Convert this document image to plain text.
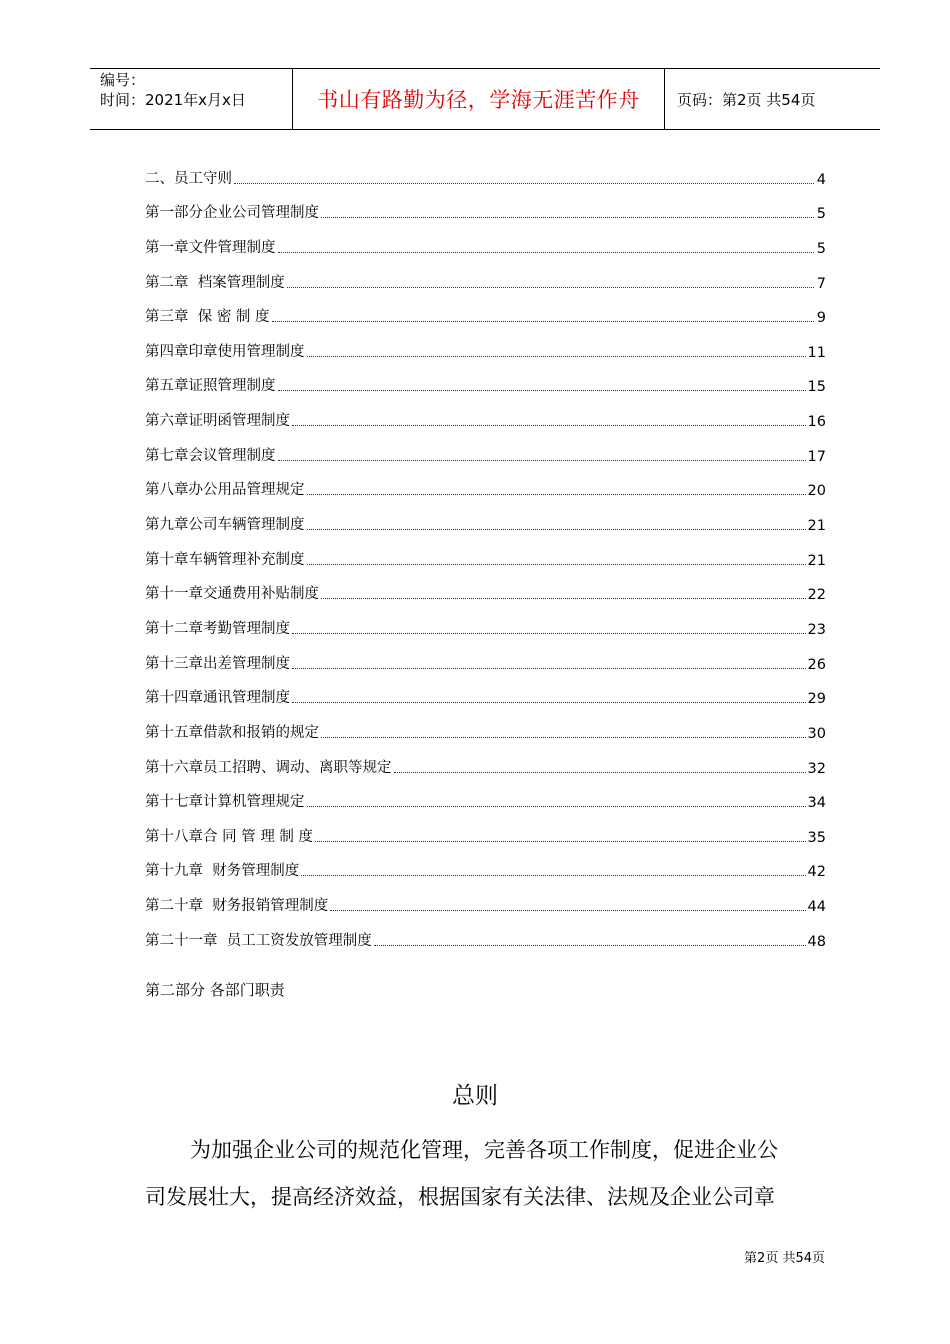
编号：
时间：2021年x月x日	书山有路勤为径，学海无涯苦作舟	页码：第2页 共54页
二、员工守则	4
第一部分企业公司管理制度	5
第一章文件管理制度	5
第二章  档案管理制度	7
第三章  保 密 制 度	9
第四章印章使用管理制度	11
第五章证照管理制度	15
第六章证明函管理制度	16
第七章会议管理制度	17
第八章办公用品管理规定	20
第九章公司车辆管理制度	21
第十章车辆管理补充制度	21
第十一章交通费用补贴制度	22
第十二章考勤管理制度	23
第十三章出差管理制度	26
第十四章通讯管理制度	29
第十五章借款和报销的规定	30
第十六章员工招聘、调动、离职等规定	32
第十七章计算机管理规定	34
第十八章合 同 管 理 制 度	35
第十九章  财务管理制度	42
第二十章  财务报销管理制度	44
第二十一章  员工工资发放管理制度	48
第二部分 各部门职责
总则
为加强企业公司的规范化管理，完善各项工作制度，促进企业公
司发展壮大，提高经济效益，根据国家有关法律、法规及企业公司章
第2页 共54页
